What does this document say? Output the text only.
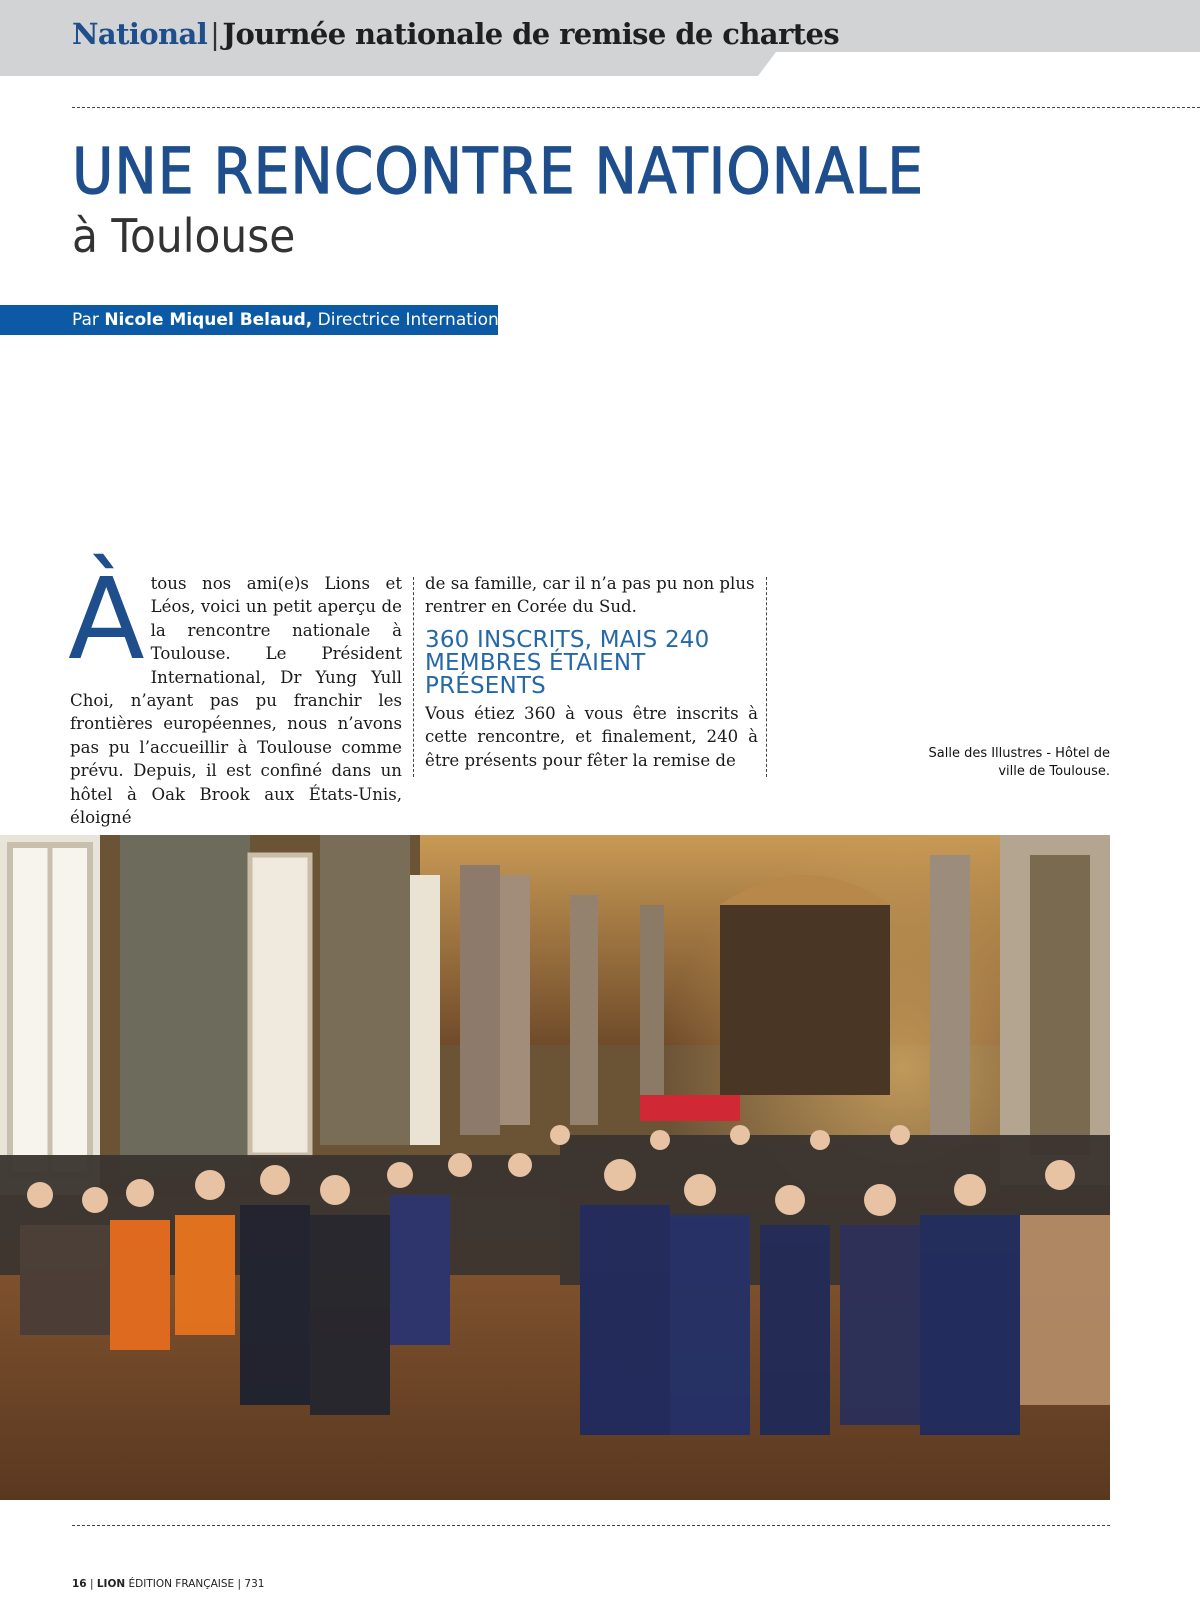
National | Journée nationale de remise de chartes
UNE RENCONTRE NATIONALE
à Toulouse
Par Nicole Miquel Belaud, Directrice Internationale
À tous nos ami(e)s Lions et Léos, voici un petit aperçu de la rencontre nationale à Toulouse. Le Président International, Dr Yung Yull Choi, n’ayant pas pu franchir les frontières européennes, nous n’avons pas pu l’accueillir à Toulouse comme prévu. Depuis, il est confiné dans un hôtel à Oak Brook aux États-Unis, éloigné

de sa famille, car il n’a pas pu non plus rentrer en Corée du Sud.

360 INSCRITS, MAIS 240 MEMBRES ÉTAIENT PRÉSENTS

Vous étiez 360 à vous être inscrits à cette rencontre, et finalement, 240 à être présents pour fêter la remise de	Salle des Illustres - Hôtel de ville de Toulouse.
16 | LION ÉDITION FRANÇAISE | 731
